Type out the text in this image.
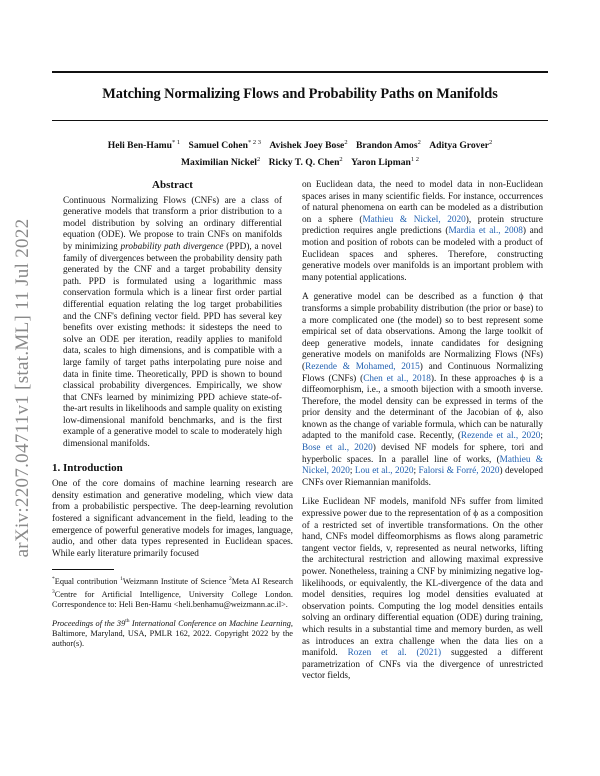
Matching Normalizing Flows and Probability Paths on Manifolds
Heli Ben-Hamu$^{* 1}$ Samuel Cohen$^{* 2 3}$ Avishek Joey Bose$^2$ Brandon Amos$^2$ Aditya Grover$^2$
Maximilian Nickel$^2$ Ricky T. Q. Chen$^2$ Yaron Lipman$^{1 2}$
arXiv:2207.04711v1 [stat.ML] 11 Jul 2022
Abstract

Continuous Normalizing Flows (CNFs) are a class of generative models that transform a prior distribution to a model distribution by solving an ordinary differential equation (ODE). We propose to train CNFs on manifolds by minimizing probability path divergence (PPD), a novel family of divergences between the probability density path generated by the CNF and a target probability density path. PPD is formulated using a logarithmic mass conservation formula which is a linear first order partial differential equation relating the log target probabilities and the CNF's defining vector field. PPD has several key benefits over existing methods: it sidesteps the need to solve an ODE per iteration, readily applies to manifold data, scales to high dimensions, and is compatible with a large family of target paths interpolating pure noise and data in finite time. Theoretically, PPD is shown to bound classical probability divergences. Empirically, we show that CNFs learned by minimizing PPD achieve state-of-the-art results in likelihoods and sample quality on existing low-dimensional manifold benchmarks, and is the first example of a generative model to scale to moderately high dimensional manifolds.

1. Introduction

One of the core domains of machine learning research are density estimation and generative modeling, which view data from a probabilistic perspective. The deep-learning revolution fostered a significant advancement in the field, leading to the emergence of powerful generative models for images, language, audio, and other data types represented in Euclidean spaces. While early literature primarily focused

*Equal contribution $^1$Weizmann Institute of Science $^2$Meta AI Research $^3$Centre for Artificial Intelligence, University College London. Correspondence to: Heli Ben-Hamu <heli.benhamu@weizmann.ac.il>.

Proceedings of the 39th International Conference on Machine Learning, Baltimore, Maryland, USA, PMLR 162, 2022. Copyright 2022 by the author(s).

on Euclidean data, the need to model data in non-Euclidean spaces arises in many scientific fields. For instance, occurrences of natural phenomena on earth can be modeled as a distribution on a sphere (Mathieu & Nickel, 2020), protein structure prediction requires angle predictions (Mardia et al., 2008) and motion and position of robots can be modeled with a product of Euclidean spaces and spheres. Therefore, constructing generative models over manifolds is an important problem with many potential applications.

A generative model can be described as a function ϕ that transforms a simple probability distribution (the prior or base) to a more complicated one (the model) so to best represent some empirical set of data observations. Among the large toolkit of deep generative models, innate candidates for designing generative models on manifolds are Normalizing Flows (NFs) (Rezende & Mohamed, 2015) and Continuous Normalizing Flows (CNFs) (Chen et al., 2018). In these approaches ϕ is a diffeomorphism, i.e., a smooth bijection with a smooth inverse. Therefore, the model density can be expressed in terms of the prior density and the determinant of the Jacobian of ϕ, also known as the change of variable formula, which can be naturally adapted to the manifold case. Recently, (Rezende et al., 2020; Bose et al., 2020) devised NF models for sphere, tori and hyperbolic spaces. In a parallel line of works, (Mathieu & Nickel, 2020; Lou et al., 2020; Falorsi & Forré, 2020) developed CNFs over Riemannian manifolds.

Like Euclidean NF models, manifold NFs suffer from limited expressive power due to the representation of ϕ as a composition of a restricted set of invertible transformations. On the other hand, CNFs model diffeomorphisms as flows along parametric tangent vector fields, v, represented as neural networks, lifting the architectural restriction and allowing maximal expressive power. Nonetheless, training a CNF by minimizing negative log-likelihoods, or equivalently, the KL-divergence of the data and model densities, requires log model densities evaluated at observation points. Computing the log model densities entails solving an ordinary differential equation (ODE) during training, which results in a substantial time and memory burden, as well as introduces an extra challenge when the data lies on a manifold. Rozen et al. (2021) suggested a different parametrization of CNFs via the divergence of unrestricted vector fields,
